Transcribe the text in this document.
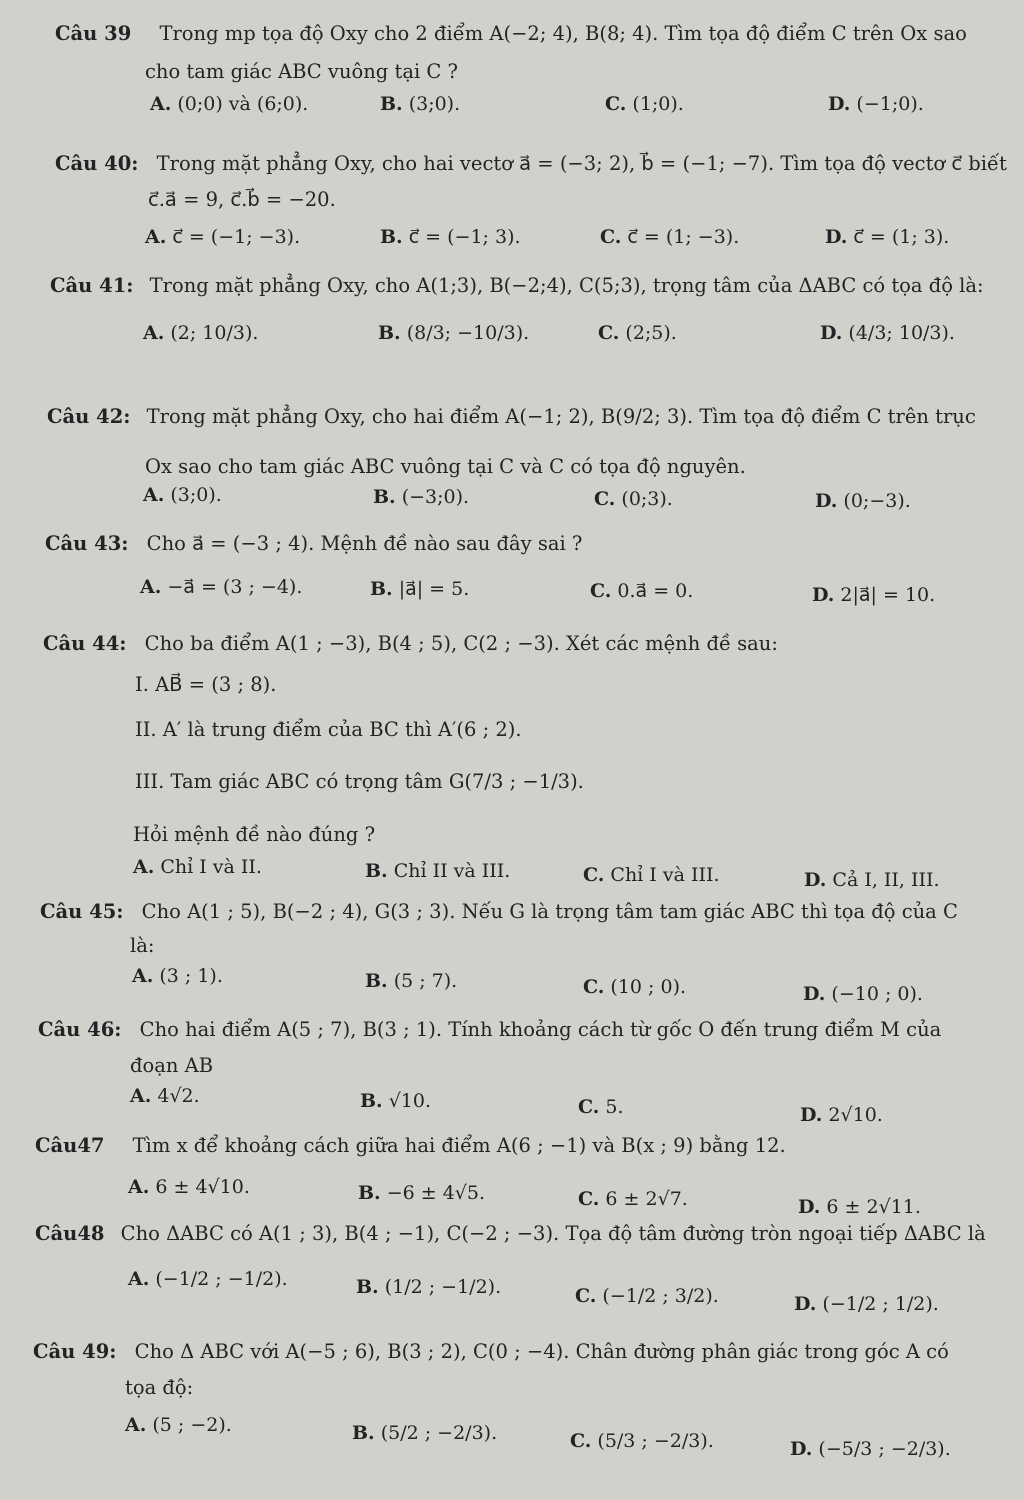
Câu 39 Trong mp tọa độ Oxy cho 2 điểm A(−2; 4), B(8; 4). Tìm tọa độ điểm C trên Ox sao
cho tam giác ABC vuông tại C ?
A. (0;0) và (6;0).	B. (3;0).	C. (1;0).	D. (−1;0).
Câu 40: Trong mặt phẳng Oxy, cho hai vectơ a⃗ = (−3; 2), b⃗ = (−1; −7). Tìm tọa độ vectơ c⃗ biết
c⃗.a⃗ = 9, c⃗.b⃗ = −20.
A. c⃗ = (−1; −3).	B. c⃗ = (−1; 3).	C. c⃗ = (1; −3).	D. c⃗ = (1; 3).
Câu 41: Trong mặt phẳng Oxy, cho A(1;3), B(−2;4), C(5;3), trọng tâm của ΔABC có tọa độ là:
A. (2; 10/3).	B. (8/3; −10/3).	C. (2;5).	D. (4/3; 10/3).
Câu 42: Trong mặt phẳng Oxy, cho hai điểm A(−1; 2), B(9/2; 3). Tìm tọa độ điểm C trên trục
Ox sao cho tam giác ABC vuông tại C và C có tọa độ nguyên.
A. (3;0).	B. (−3;0).	C. (0;3).	D. (0;−3).
Câu 43: Cho a⃗ = (−3 ; 4). Mệnh đề nào sau đây sai ?
A. −a⃗ = (3 ; −4).	B. |a⃗| = 5.	C. 0.a⃗ = 0.	D. 2|a⃗| = 10.
Câu 44: Cho ba điểm A(1 ; −3), B(4 ; 5), C(2 ; −3). Xét các mệnh đề sau:
I. AB⃗ = (3 ; 8).
II. A′ là trung điểm của BC thì A′(6 ; 2).
III. Tam giác ABC có trọng tâm G(7/3 ; −1/3).
Hỏi mệnh đề nào đúng ?
A. Chỉ I và II.	B. Chỉ II và III.	C. Chỉ I và III.	D. Cả I, II, III.
Câu 45: Cho A(1 ; 5), B(−2 ; 4), G(3 ; 3). Nếu G là trọng tâm tam giác ABC thì tọa độ của C
là:
A. (3 ; 1).	B. (5 ; 7).	C. (10 ; 0).	D. (−10 ; 0).
Câu 46: Cho hai điểm A(5 ; 7), B(3 ; 1). Tính khoảng cách từ gốc O đến trung điểm M của
đoạn AB
A. 4√2.	B. √10.	C. 5.	D. 2√10.
Câu47 Tìm x để khoảng cách giữa hai điểm A(6 ; −1) và B(x ; 9) bằng 12.
A. 6 ± 4√10.	B. −6 ± 4√5.	C. 6 ± 2√7.	D. 6 ± 2√11.
Câu48 Cho ΔABC có A(1 ; 3), B(4 ; −1), C(−2 ; −3). Tọa độ tâm đường tròn ngoại tiếp ΔABC là
A. (−1/2 ; −1/2).	B. (1/2 ; −1/2).	C. (−1/2 ; 3/2).	D. (−1/2 ; 1/2).
Câu 49: Cho Δ ABC với A(−5 ; 6), B(3 ; 2), C(0 ; −4). Chân đường phân giác trong góc A có
tọa độ:
A. (5 ; −2).	B. (5/2 ; −2/3).	C. (5/3 ; −2/3).	D. (−5/3 ; −2/3).
